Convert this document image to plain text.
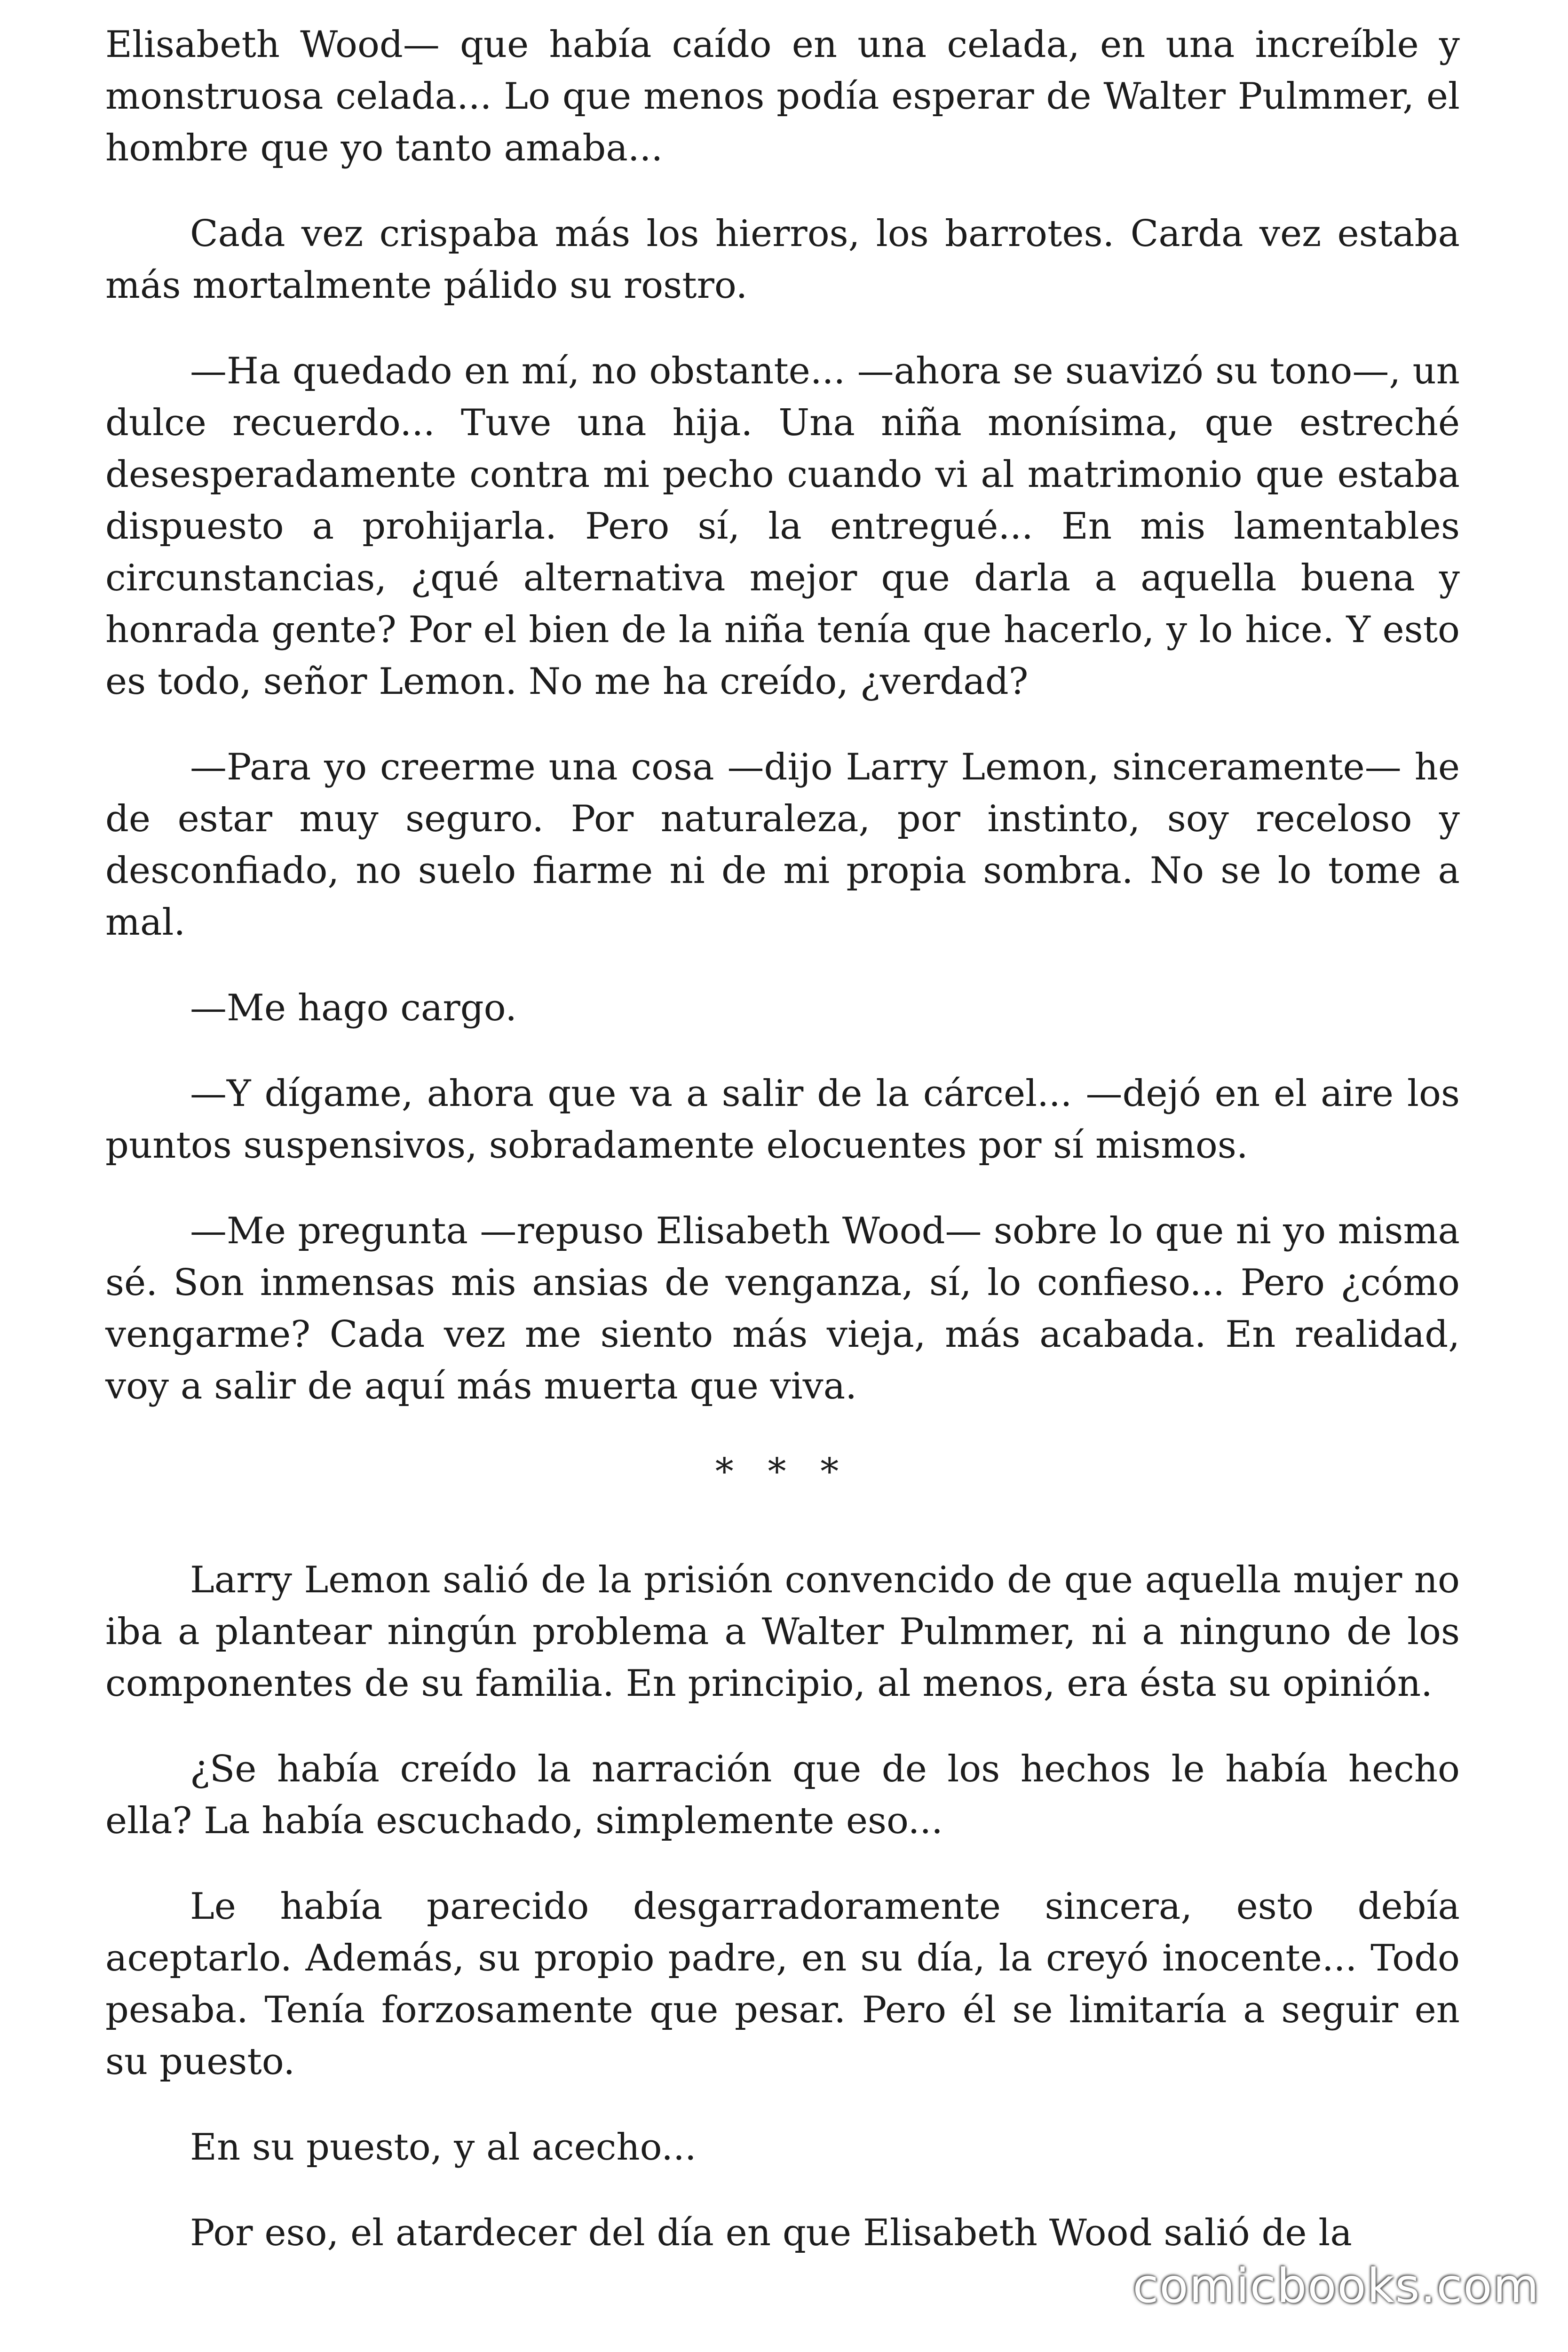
Elisabeth Wood— que había caído en una celada, en una increíble y monstruosa celada... Lo que menos podía esperar de Walter Pulmmer, el hombre que yo tanto amaba...

Cada vez crispaba más los hierros, los barrotes. Carda vez estaba más mortalmente pálido su rostro.

—Ha quedado en mí, no obstante... —ahora se suavizó su tono—, un dulce recuerdo... Tuve una hija. Una niña monísima, que estreché desesperadamente contra mi pecho cuando vi al matrimonio que estaba dispuesto a prohijarla. Pero sí, la entregué... En mis lamentables circunstancias, ¿qué alternativa mejor que darla a aquella buena y honrada gente? Por el bien de la niña tenía que hacerlo, y lo hice. Y esto es todo, señor Lemon. No me ha creído, ¿verdad?

—Para yo creerme una cosa —dijo Larry Lemon, sinceramente— he de estar muy seguro. Por naturaleza, por instinto, soy receloso y desconfiado, no suelo fiarme ni de mi propia sombra. No se lo tome a mal.

—Me hago cargo.

—Y dígame, ahora que va a salir de la cárcel... —dejó en el aire los puntos suspensivos, sobradamente elocuentes por sí mismos.

—Me pregunta —repuso Elisabeth Wood— sobre lo que ni yo misma sé. Son inmensas mis ansias de venganza, sí, lo confieso... Pero ¿cómo vengarme? Cada vez me siento más vieja, más acabada. En realidad, voy a salir de aquí más muerta que viva.

* * *

Larry Lemon salió de la prisión convencido de que aquella mujer no iba a plantear ningún problema a Walter Pulmmer, ni a ninguno de los componentes de su familia. En principio, al menos, era ésta su opinión.

¿Se había creído la narración que de los hechos le había hecho ella? La había escuchado, simplemente eso...

Le había parecido desgarradoramente sincera, esto debía aceptarlo. Además, su propio padre, en su día, la creyó inocente... Todo pesaba. Tenía forzosamente que pesar. Pero él se limitaría a seguir en su puesto.

En su puesto, y al acecho...

Por eso, el atardecer del día en que Elisabeth Wood salió de la

comicbooks.com
